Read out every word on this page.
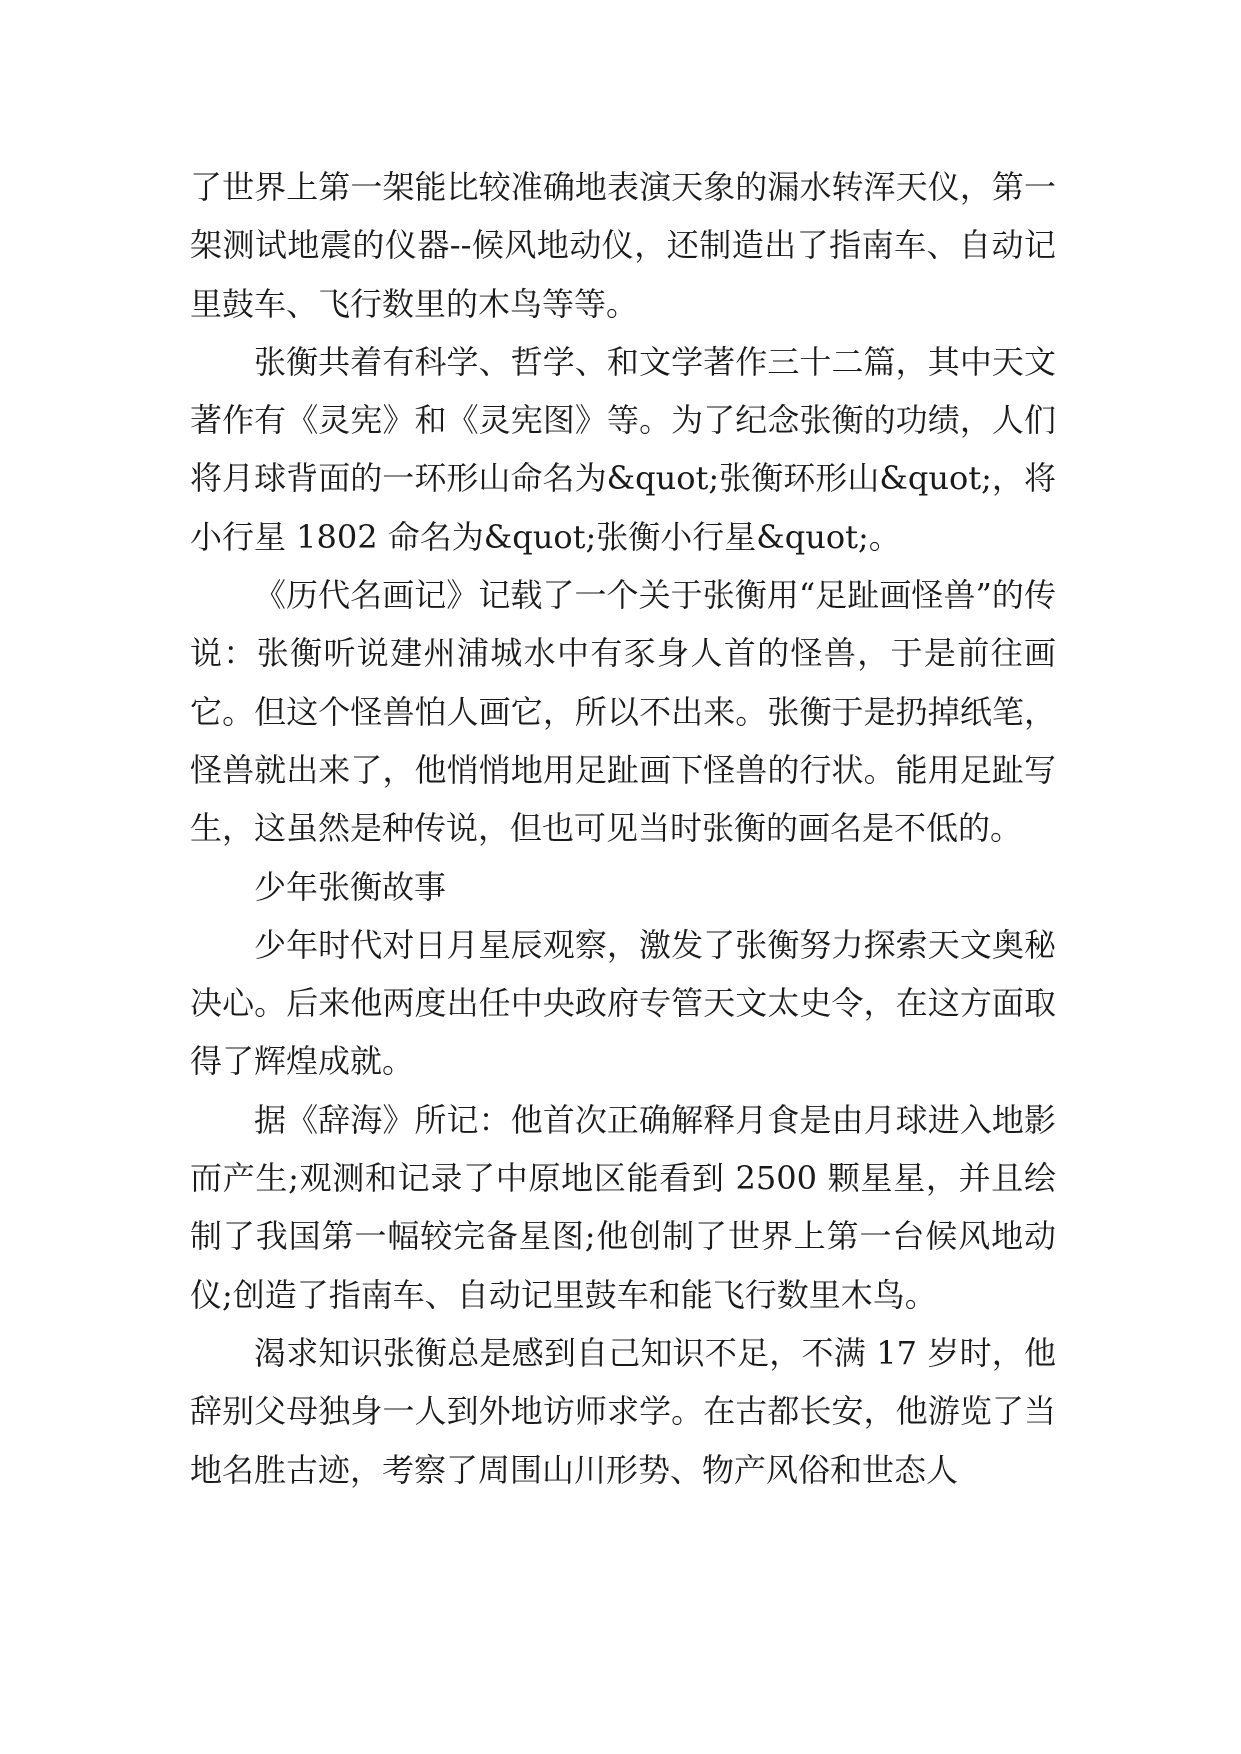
了世界上第一架能比较准确地表演天象的漏水转浑天仪，第一架测试地震的仪器--候风地动仪，还制造出了指南车、自动记里鼓车、飞行数里的木鸟等等。

张衡共着有科学、哲学、和文学著作三十二篇，其中天文著作有《灵宪》和《灵宪图》等。为了纪念张衡的功绩，人们将月球背面的一环形山命名为&quot;张衡环形山&quot;，将小行星 1802 命名为&quot;张衡小行星&quot;。

《历代名画记》记载了一个关于张衡用“足趾画怪兽”的传说：张衡听说建州浦城水中有豕身人首的怪兽，于是前往画它。但这个怪兽怕人画它，所以不出来。张衡于是扔掉纸笔，怪兽就出来了，他悄悄地用足趾画下怪兽的行状。能用足趾写生，这虽然是种传说，但也可见当时张衡的画名是不低的。

少年张衡故事

少年时代对日月星辰观察，激发了张衡努力探索天文奥秘决心。后来他两度出任中央政府专管天文太史令，在这方面取得了辉煌成就。

据《辞海》所记：他首次正确解释月食是由月球进入地影而产生;观测和记录了中原地区能看到 2500 颗星星，并且绘制了我国第一幅较完备星图;他创制了世界上第一台候风地动仪;创造了指南车、自动记里鼓车和能飞行数里木鸟。

渴求知识张衡总是感到自己知识不足，不满 17 岁时，他辞别父母独身一人到外地访师求学。在古都长安，他游览了当地名胜古迹，考察了周围山川形势、物产风俗和世态人
